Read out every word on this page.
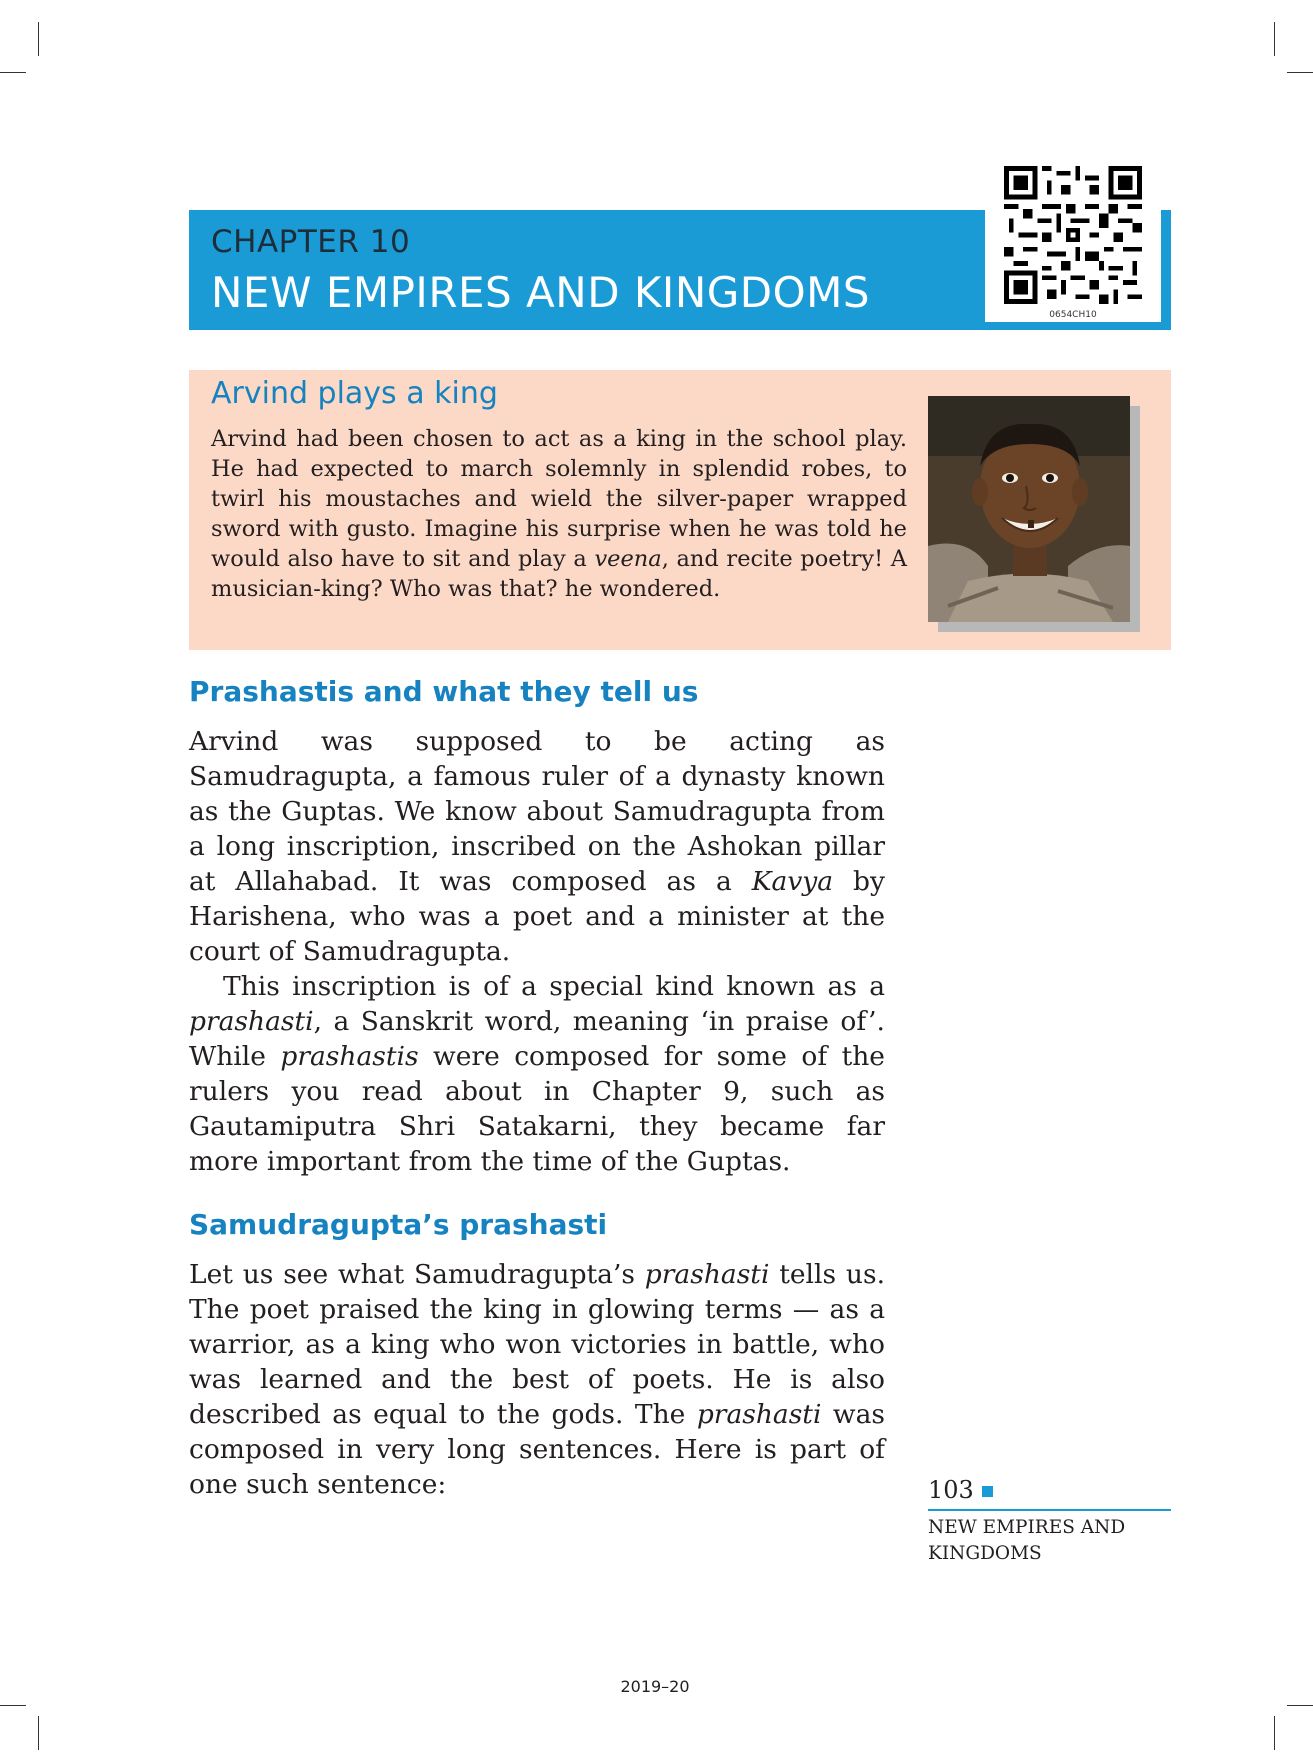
CHAPTER 10
NEW EMPIRES AND KINGDOMS	0654CH10
Arvind plays a king

Arvind had been chosen to act as a king in the school play. He had expected to march solemnly in splendid robes, to twirl his moustaches and wield the silver-paper wrapped sword with gusto. Imagine his surprise when he was told he would also have to sit and play a veena, and recite poetry! A musician-king? Who was that? he wondered.

Prashastis and what they tell us

Arvind was supposed to be acting as Samudragupta, a famous ruler of a dynasty known as the Guptas. We know about Samudragupta from a long inscription, inscribed on the Ashokan pillar at Allahabad. It was composed as a Kavya by Harishena, who was a poet and a minister at the court of Samudragupta.

This inscription is of a special kind known as a prashasti, a Sanskrit word, meaning ‘in praise of’. While prashastis were composed for some of the rulers you read about in Chapter 9, such as Gautamiputra Shri Satakarni, they became far more important from the time of the Guptas.

Samudragupta’s prashasti

Let us see what Samudragupta’s prashasti tells us. The poet praised the king in glowing terms — as a warrior, as a king who won victories in battle, who was learned and the best of poets. He is also described as equal to the gods. The prashasti was composed in very long sentences. Here is part of one such sentence:	103
NEW EMPIRES AND KINGDOMS
2019–20
